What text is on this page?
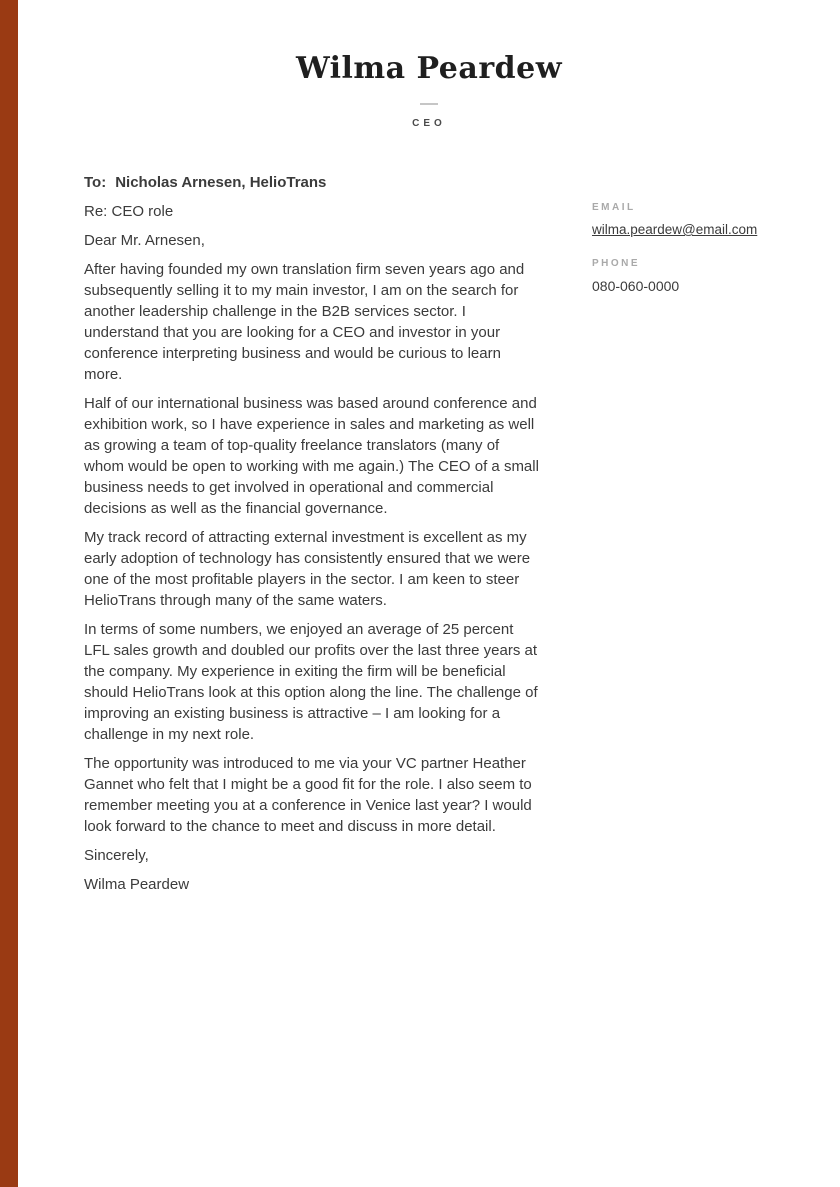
Wilma Peardew
CEO

To: Nicholas Arnesen, HelioTrans

Re: CEO role

Dear Mr. Arnesen,

After having founded my own translation firm seven years ago and subsequently selling it to my main investor, I am on the search for another leadership challenge in the B2B services sector. I understand that you are looking for a CEO and investor in your conference interpreting business and would be curious to learn more.

Half of our international business was based around conference and exhibition work, so I have experience in sales and marketing as well as growing a team of top-quality freelance translators (many of whom would be open to working with me again.) The CEO of a small business needs to get involved in operational and commercial decisions as well as the financial governance.

My track record of attracting external investment is excellent as my early adoption of technology has consistently ensured that we were one of the most profitable players in the sector. I am keen to steer HelioTrans through many of the same waters.

In terms of some numbers, we enjoyed an average of 25 percent LFL sales growth and doubled our profits over the last three years at the company. My experience in exiting the firm will be beneficial should HelioTrans look at this option along the line. The challenge of improving an existing business is attractive – I am looking for a challenge in my next role.

The opportunity was introduced to me via your VC partner Heather Gannet who felt that I might be a good fit for the role. I also seem to remember meeting you at a conference in Venice last year? I would look forward to the chance to meet and discuss in more detail.

Sincerely,

Wilma Peardew

EMAIL
wilma.peardew@email.com
PHONE
080-060-0000
